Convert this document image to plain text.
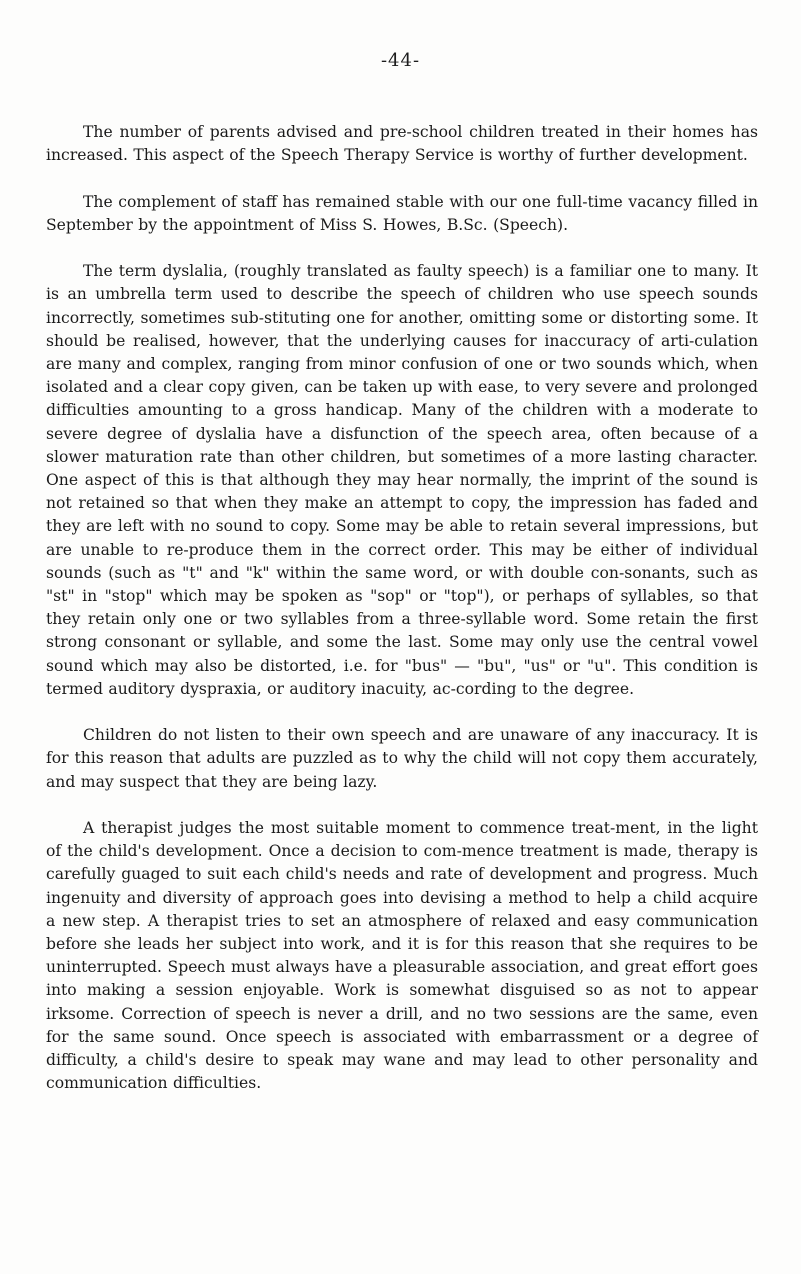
-44-

The number of parents advised and pre-school children treated in their homes has increased. This aspect of the Speech Therapy Service is worthy of further development.

The complement of staff has remained stable with our one full-time vacancy filled in September by the appointment of Miss S. Howes, B.Sc. (Speech).

The term dyslalia, (roughly translated as faulty speech) is a familiar one to many. It is an umbrella term used to describe the speech of children who use speech sounds incorrectly, sometimes sub-stituting one for another, omitting some or distorting some. It should be realised, however, that the underlying causes for inaccuracy of arti-culation are many and complex, ranging from minor confusion of one or two sounds which, when isolated and a clear copy given, can be taken up with ease, to very severe and prolonged difficulties amounting to a gross handicap. Many of the children with a moderate to severe degree of dyslalia have a disfunction of the speech area, often because of a slower maturation rate than other children, but sometimes of a more lasting character. One aspect of this is that although they may hear normally, the imprint of the sound is not retained so that when they make an attempt to copy, the impression has faded and they are left with no sound to copy. Some may be able to retain several impressions, but are unable to re-produce them in the correct order. This may be either of individual sounds (such as "t" and "k" within the same word, or with double con-sonants, such as "st" in "stop" which may be spoken as "sop" or "top"), or perhaps of syllables, so that they retain only one or two syllables from a three-syllable word. Some retain the first strong consonant or syllable, and some the last. Some may only use the central vowel sound which may also be distorted, i.e. for "bus" — "bu", "us" or "u". This condition is termed auditory dyspraxia, or auditory inacuity, ac-cording to the degree.

Children do not listen to their own speech and are unaware of any inaccuracy. It is for this reason that adults are puzzled as to why the child will not copy them accurately, and may suspect that they are being lazy.

A therapist judges the most suitable moment to commence treat-ment, in the light of the child's development. Once a decision to com-mence treatment is made, therapy is carefully guaged to suit each child's needs and rate of development and progress. Much ingenuity and diversity of approach goes into devising a method to help a child acquire a new step. A therapist tries to set an atmosphere of relaxed and easy communication before she leads her subject into work, and it is for this reason that she requires to be uninterrupted. Speech must always have a pleasurable association, and great effort goes into making a session enjoyable. Work is somewhat disguised so as not to appear irksome. Correction of speech is never a drill, and no two sessions are the same, even for the same sound. Once speech is associated with embarrassment or a degree of difficulty, a child's desire to speak may wane and may lead to other personality and communication difficulties.
